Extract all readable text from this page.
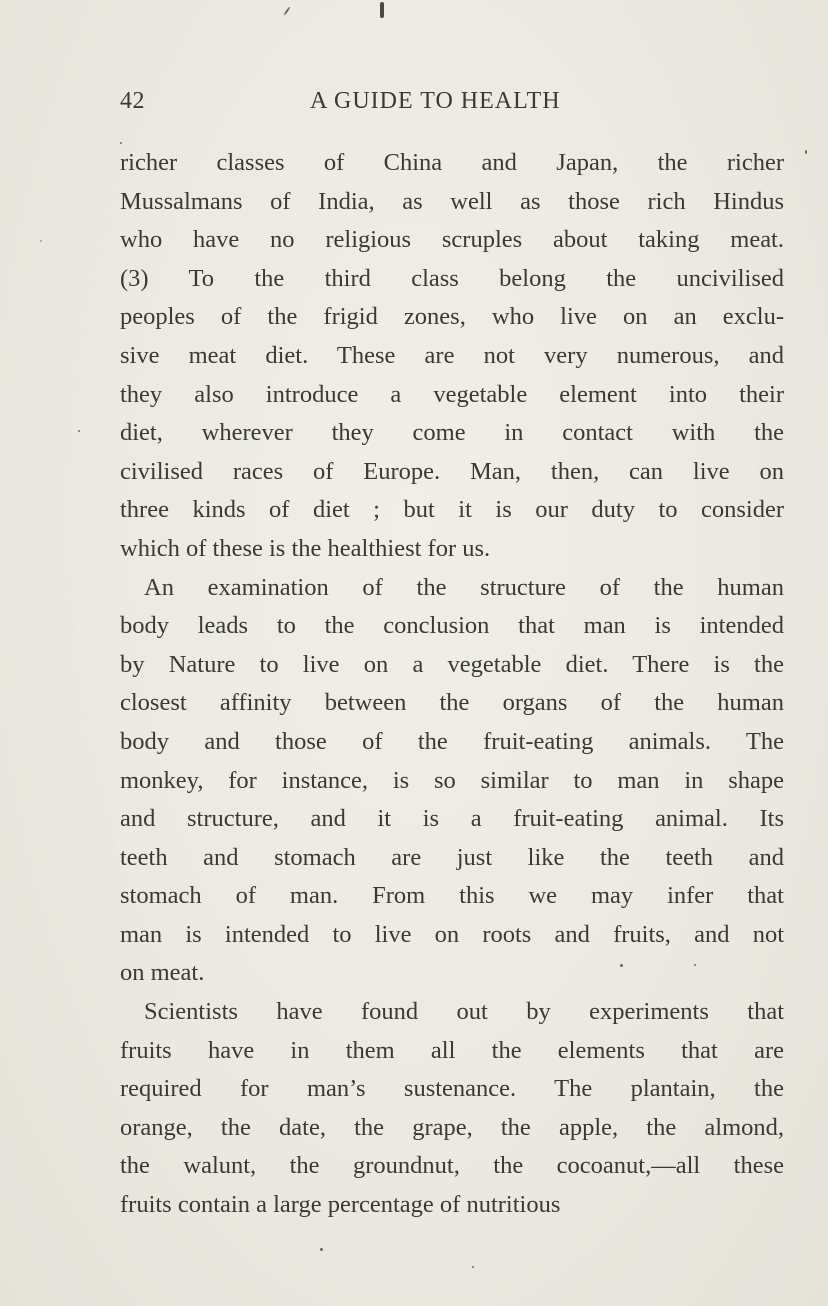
42	A GUIDE TO HEALTH
richer classes of China and Japan, the richer
Mussalmans of India, as well as those rich Hindus
who have no religious scruples about taking meat.
(3) To the third class belong the uncivilised
peoples of the frigid zones, who live on an exclu-
sive meat diet. These are not very numerous, and
they also introduce a vegetable element into their
diet, wherever they come in contact with the
civilised races of Europe. Man, then, can live on
three kinds of diet ; but it is our duty to consider
which of these is the healthiest for us.
An examination of the structure of the human
body leads to the conclusion that man is intended
by Nature to live on a vegetable diet. There is the
closest affinity between the organs of the human
body and those of the fruit-eating animals. The
monkey, for instance, is so similar to man in shape
and structure, and it is a fruit-eating animal. Its
teeth and stomach are just like the teeth and
stomach of man. From this we may infer that
man is intended to live on roots and fruits, and not
on meat.
Scientists have found out by experiments that
fruits have in them all the elements that are
required for man’s sustenance. The plantain, the
orange, the date, the grape, the apple, the almond,
the walunt, the groundnut, the cocoanut,—all these
fruits contain a large percentage of nutritious
